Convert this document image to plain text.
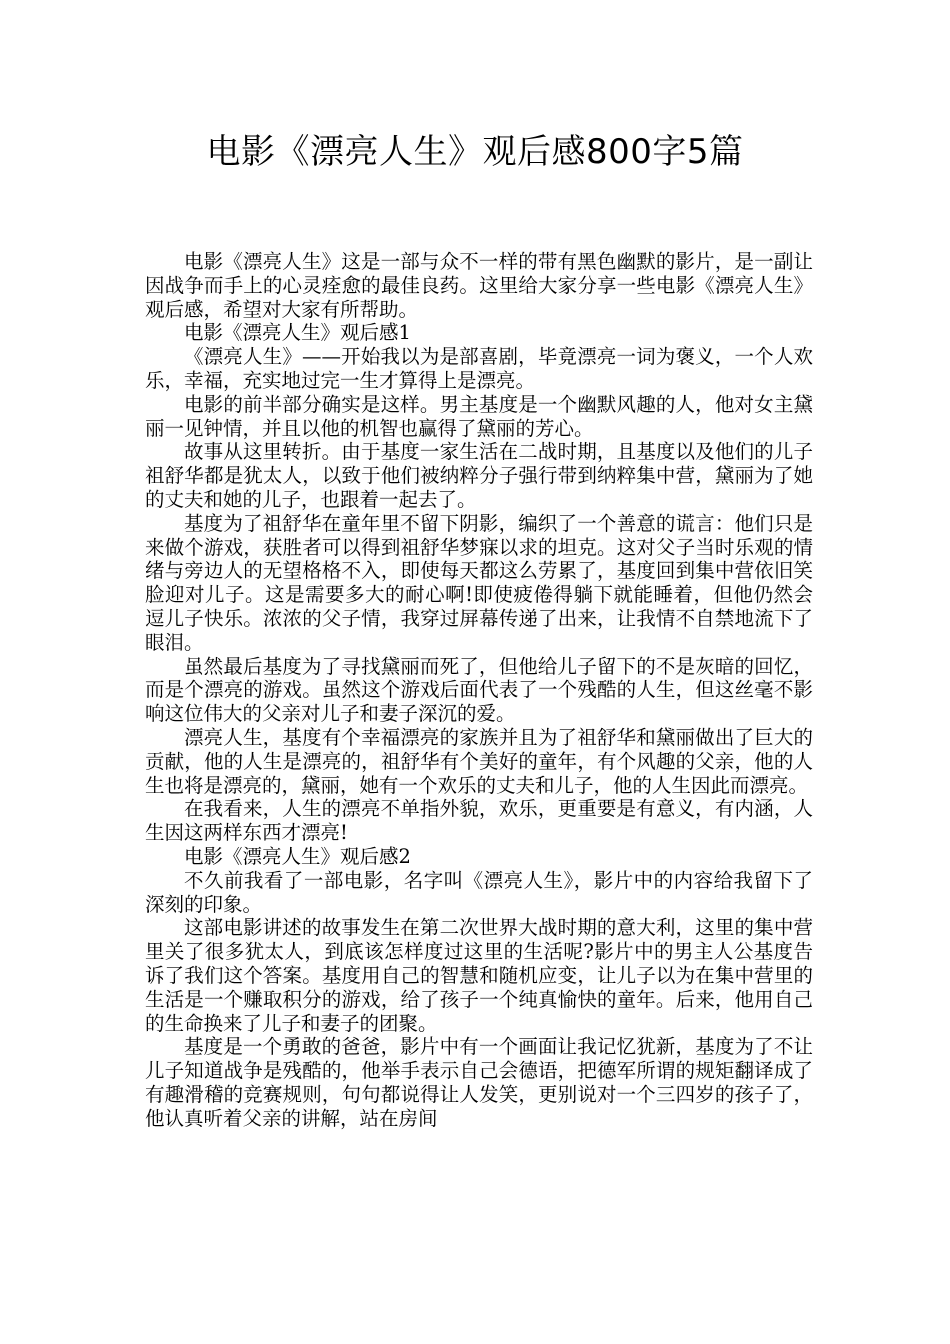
电影《漂亮人生》观后感800字5篇

电影《漂亮人生》这是一部与众不一样的带有黑色幽默的影片，是一副让因战争而手上的心灵痊愈的最佳良药。这里给大家分享一些电影《漂亮人生》观后感，希望对大家有所帮助。

电影《漂亮人生》观后感1

《漂亮人生》——开始我以为是部喜剧，毕竟漂亮一词为褒义，一个人欢乐，幸福，充实地过完一生才算得上是漂亮。

电影的前半部分确实是这样。男主基度是一个幽默风趣的人，他对女主黛丽一见钟情，并且以他的机智也赢得了黛丽的芳心。

故事从这里转折。由于基度一家生活在二战时期，且基度以及他们的儿子祖舒华都是犹太人，以致于他们被纳粹分子强行带到纳粹集中营，黛丽为了她的丈夫和她的儿子，也跟着一起去了。

基度为了祖舒华在童年里不留下阴影，编织了一个善意的谎言：他们只是来做个游戏，获胜者可以得到祖舒华梦寐以求的坦克。这对父子当时乐观的情绪与旁边人的无望格格不入，即使每天都这么劳累了，基度回到集中营依旧笑脸迎对儿子。这是需要多大的耐心啊!即使疲倦得躺下就能睡着，但他仍然会逗儿子快乐。浓浓的父子情，我穿过屏幕传递了出来，让我情不自禁地流下了眼泪。

虽然最后基度为了寻找黛丽而死了，但他给儿子留下的不是灰暗的回忆，而是个漂亮的游戏。虽然这个游戏后面代表了一个残酷的人生，但这丝毫不影响这位伟大的父亲对儿子和妻子深沉的爱。

漂亮人生，基度有个幸福漂亮的家族并且为了祖舒华和黛丽做出了巨大的贡献，他的人生是漂亮的，祖舒华有个美好的童年，有个风趣的父亲，他的人生也将是漂亮的，黛丽，她有一个欢乐的丈夫和儿子，他的人生因此而漂亮。

在我看来，人生的漂亮不单指外貌，欢乐，更重要是有意义，有内涵，人生因这两样东西才漂亮!

电影《漂亮人生》观后感2

不久前我看了一部电影，名字叫《漂亮人生》，影片中的内容给我留下了深刻的印象。

这部电影讲述的故事发生在第二次世界大战时期的意大利，这里的集中营里关了很多犹太人，到底该怎样度过这里的生活呢?影片中的男主人公基度告诉了我们这个答案。基度用自己的智慧和随机应变，让儿子以为在集中营里的生活是一个赚取积分的游戏，给了孩子一个纯真愉快的童年。后来，他用自己的生命换来了儿子和妻子的团聚。

基度是一个勇敢的爸爸，影片中有一个画面让我记忆犹新，基度为了不让儿子知道战争是残酷的，他举手表示自己会德语，把德军所谓的规矩翻译成了有趣滑稽的竞赛规则，句句都说得让人发笑，更别说对一个三四岁的孩子了，他认真听着父亲的讲解，站在房间
